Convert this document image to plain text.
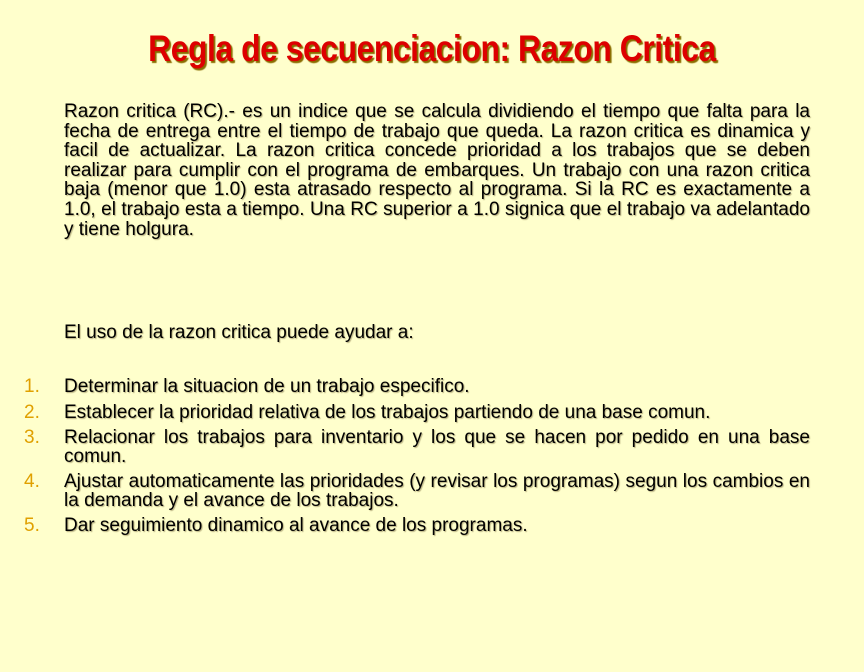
Regla de secuenciacion: Razon Critica
Razon critica (RC).- es un indice que se calcula dividiendo el tiempo que falta para la fecha de entrega entre el tiempo de trabajo que queda. La razon critica es dinamica y facil de actualizar. La razon critica concede prioridad a los trabajos que se deben realizar para cumplir con el programa de embarques. Un trabajo con una razon critica baja (menor que 1.0) esta atrasado respecto al programa. Si la RC es exactamente a 1.0, el trabajo esta a tiempo. Una RC superior a 1.0 signica que el trabajo va adelantado y tiene holgura.
El uso de la razon critica puede ayudar a:
1. Determinar la situacion de un trabajo especifico.
2. Establecer la prioridad relativa de los trabajos partiendo de una base comun.
3. Relacionar los trabajos para inventario y los que se hacen por pedido en una base comun.
4. Ajustar automaticamente las prioridades (y revisar los programas) segun los cambios en la demanda y el avance de los trabajos.
5. Dar seguimiento dinamico al avance de los programas.
